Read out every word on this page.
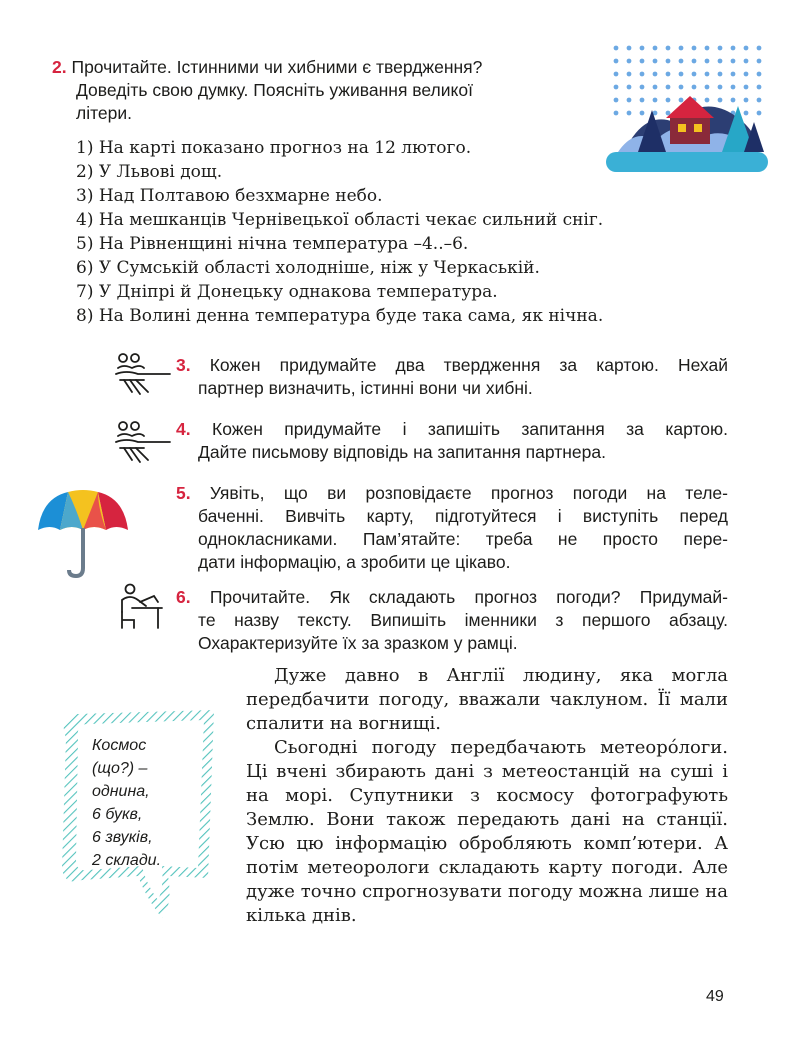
2. Прочитайте. Істинними чи хибними є твердження?
Доведіть свою думку. Поясніть уживання великої
літери.
1) На карті показано прогноз на 12 лютого.
2) У Львові дощ.
3) Над Полтавою безхмарне небо.
4) На мешканців Чернівецької області чекає сильний сніг.
5) На Рівненщині нічна температура –4..–6.
6) У Сумській області холодніше, ніж у Черкаській.
7) У Дніпрі й Донецьку однакова температура.
8) На Волині денна температура буде така сама, як нічна.
3. Кожен придумайте два твердження за картою. Нехай
партнер визначить, істинні вони чи хибні.
4. Кожен придумайте і запишіть запитання за картою.
Дайте письмову відповідь на запитання партнера.
5. Уявіть, що ви розповідаєте прогноз погоди на теле-
баченні. Вивчіть карту, підготуйтеся і виступіть перед
однокласниками. Пам’ятайте: треба не просто пере-
дати інформацію, а зробити це цікаво.
6. Прочитайте. Як складають прогноз погоди? Придумай-
те назву тексту. Випишіть іменники з першого абзацу.
Охарактеризуйте їх за зразком у рамці.
Космос
(що?) –
однина,
6 букв,
6 звуків,
2 склади.

Дуже давно в Англії людину, яка могла передбачити погоду, вважали чаклуном. Її мали спалити на вогнищі.

Сьогодні погоду передбачають метеоро́логи. Ці вчені збирають дані з метеостанцій на суші і на морі. Супутники з космосу фотографують Землю. Вони також передають дані на станції. Усю цю інформацію обробляють комп’ютери. А потім метеорологи складають карту погоди. Але дуже точно спрогнозувати погоду можна лише на кілька днів.

49
